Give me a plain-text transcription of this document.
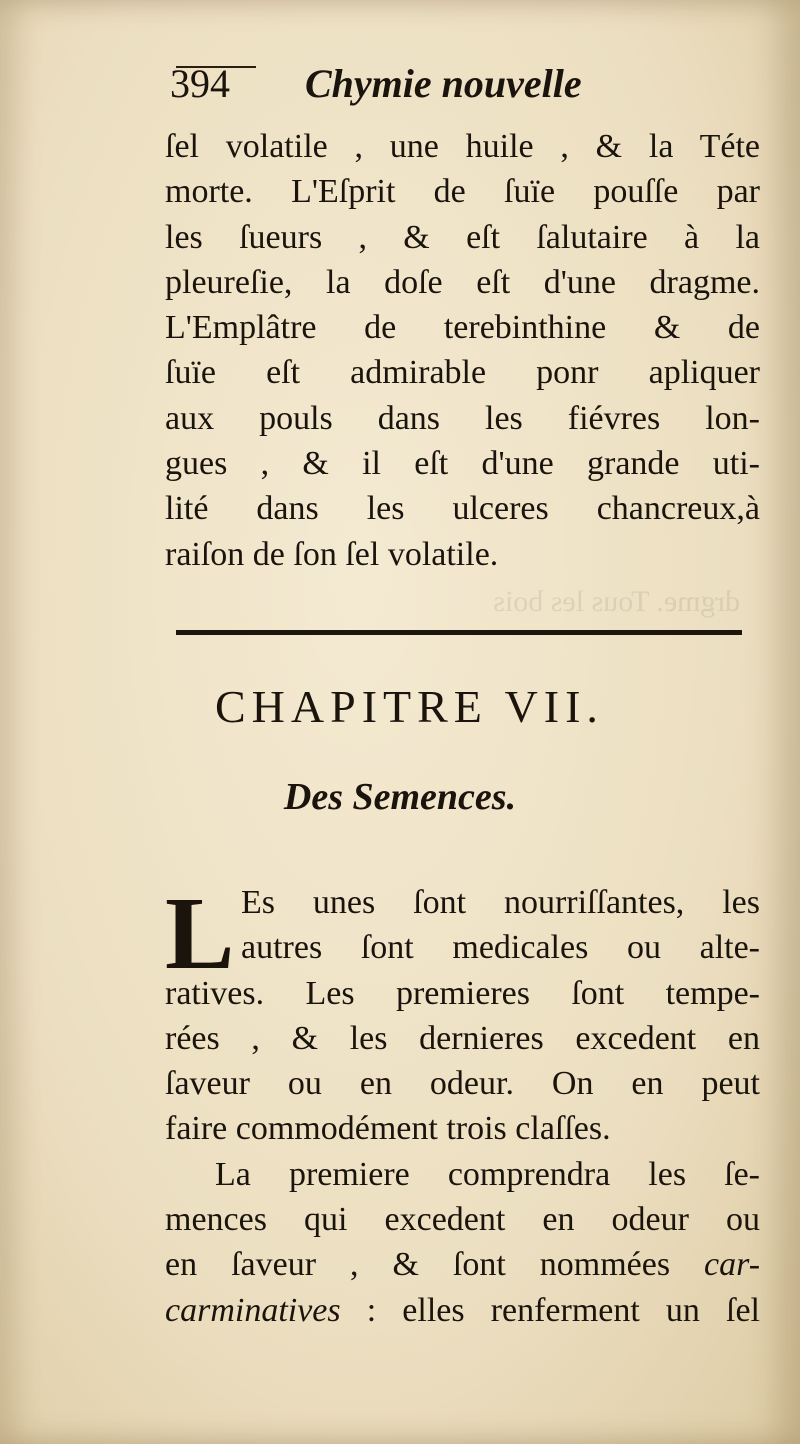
394 Chymie nouvelle
ſel volatile , une huile , & la Téte
morte. L'Eſprit de ſuïe pouſſe par
les ſueurs , & eſt ſalutaire à la
pleureſie, la doſe eſt d'une dragme.
L'Emplâtre de terebinthine & de
ſuïe eſt admirable ponr apliquer
aux pouls dans les fiévres lon-
gues , & il eſt d'une grande uti-
lité dans les ulceres chancreux,à
raiſon de ſon ſel volatile.
drgme. Tous les bois
CHAPITRE VII.
Des Semences.
L Es unes ſont nourriſſantes, les
autres ſont medicales ou alte-
ratives. Les premieres ſont tempe-
rées , & les dernieres excedent en
ſaveur ou en odeur. On en peut
faire commodément trois claſſes.
La premiere comprendra les ſe-
mences qui excedent en odeur ou
en ſaveur , & ſont nommées car-
carminatives : elles renferment un ſel
